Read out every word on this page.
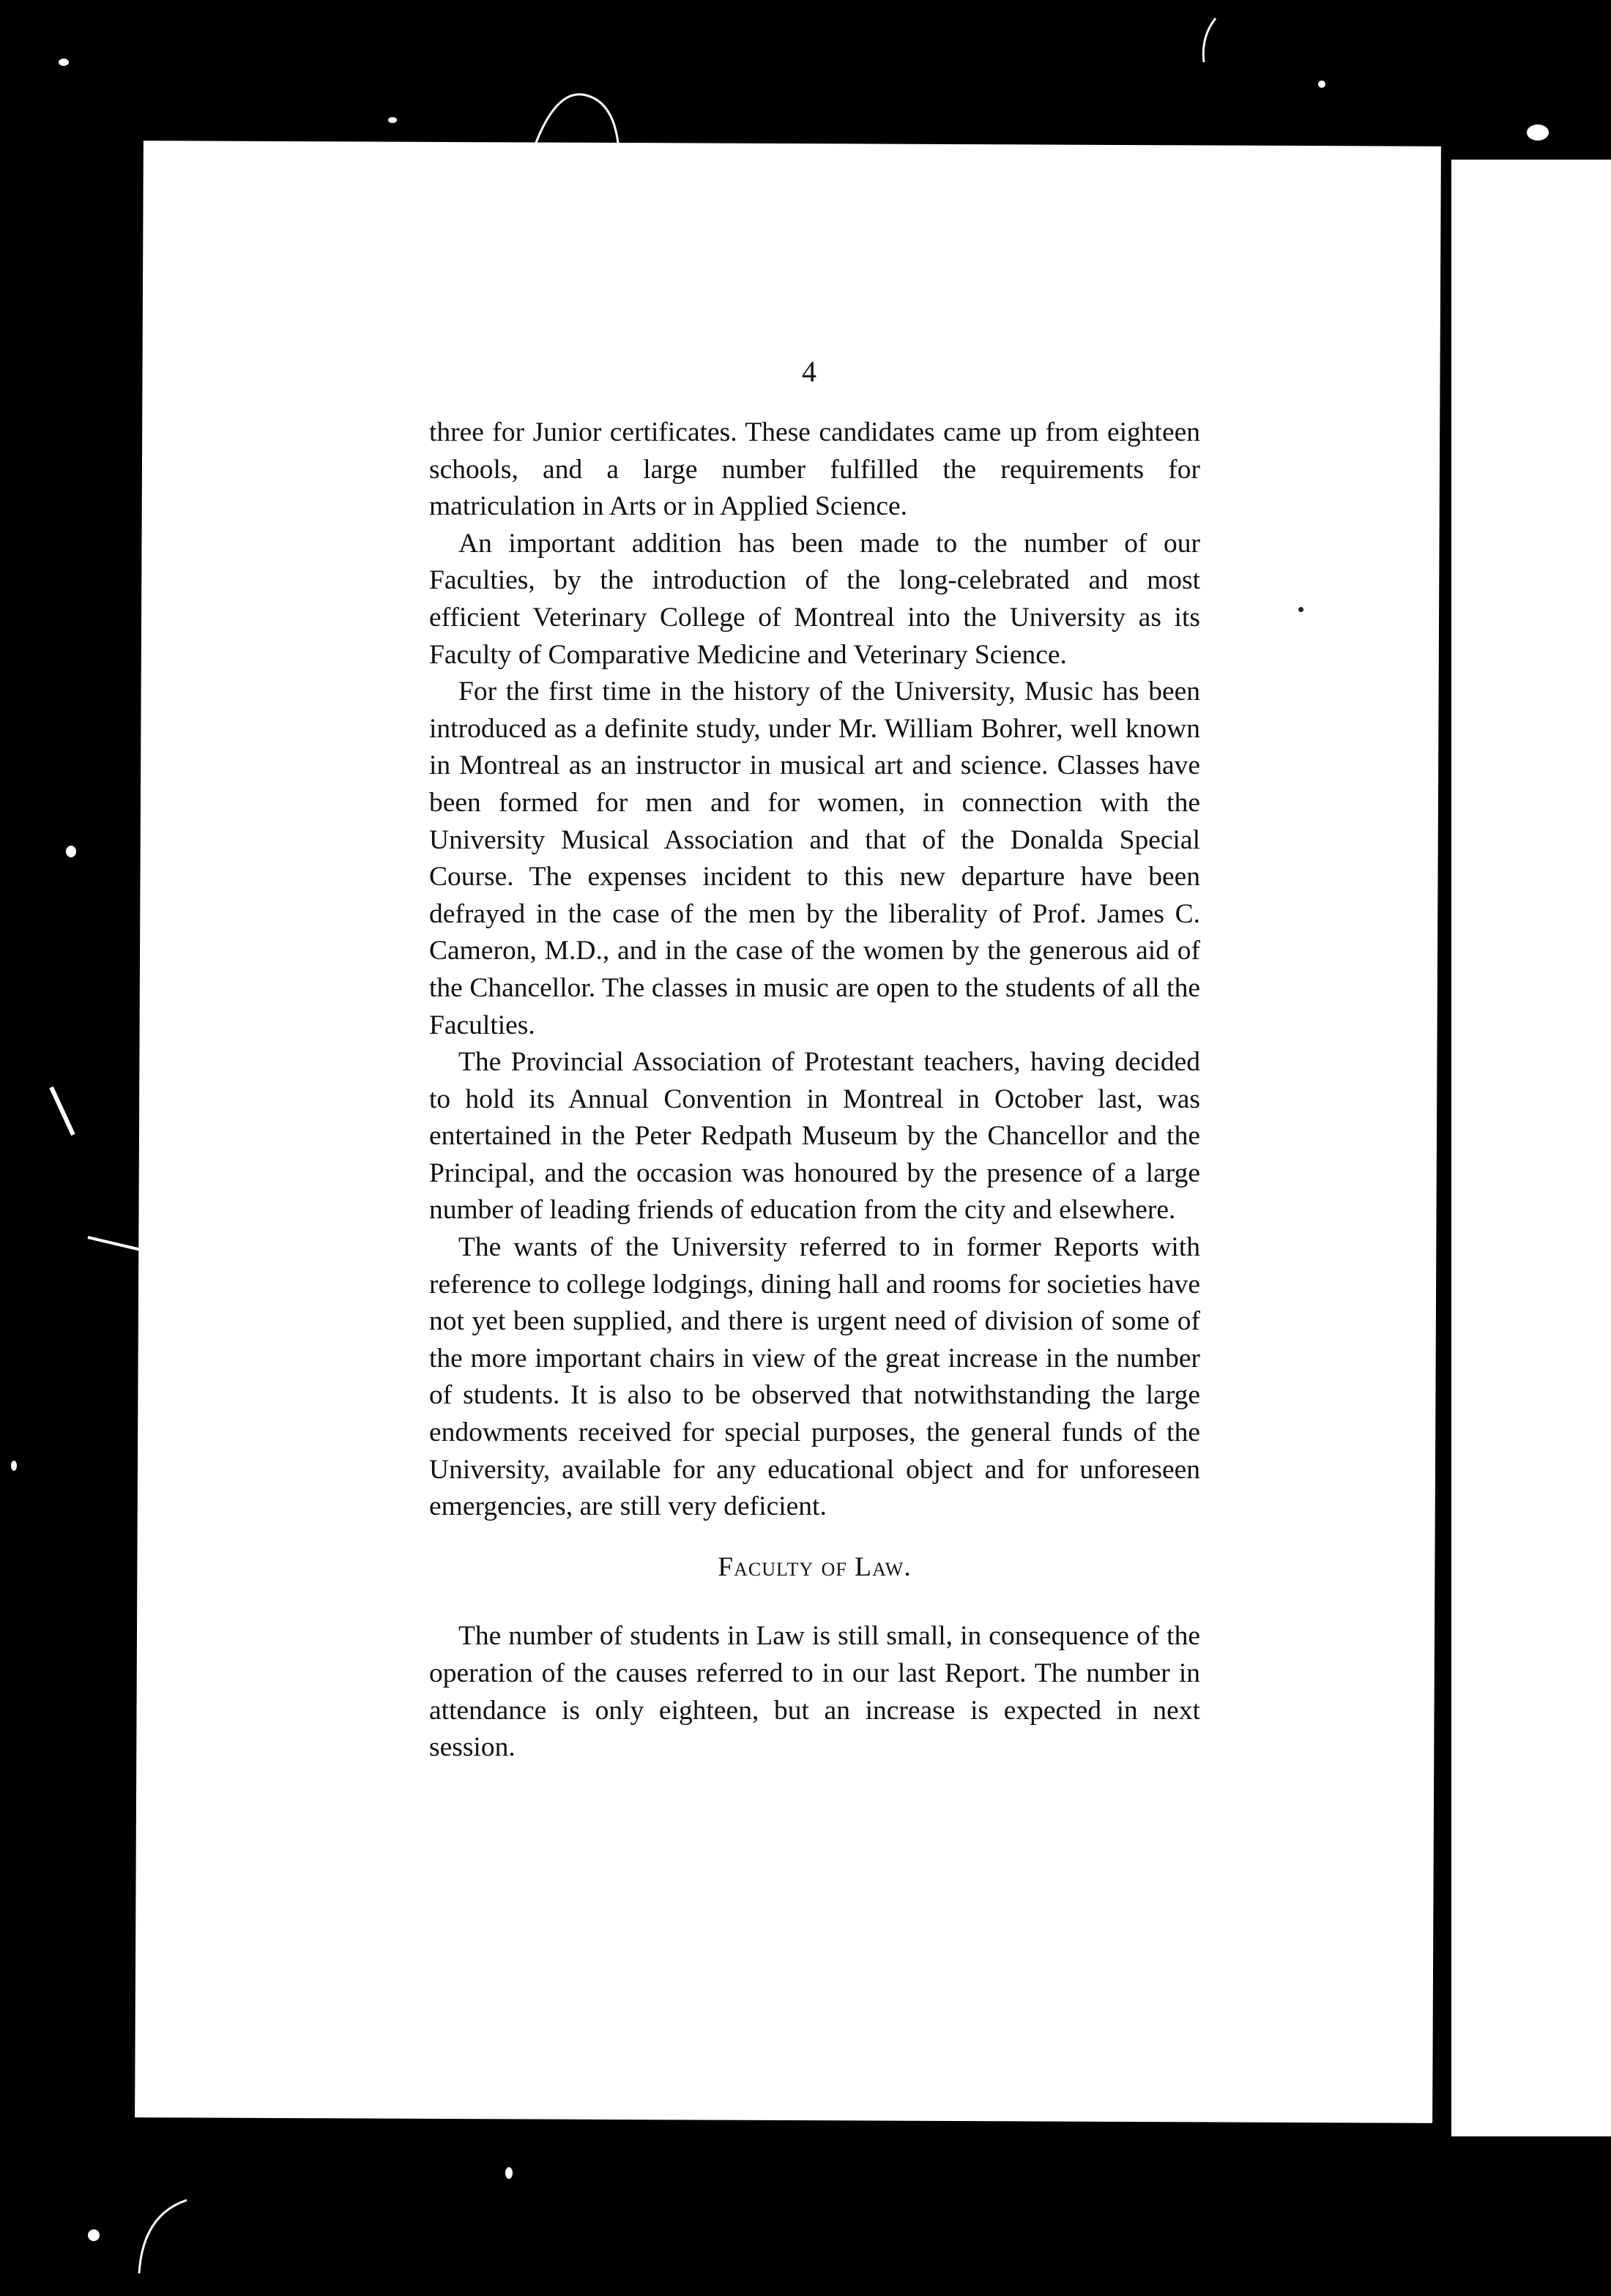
4

three for Junior certificates. These candidates came up from eighteen schools, and a large number fulfilled the requirements for matriculation in Arts or in Applied Science.

An important addition has been made to the number of our Faculties, by the introduction of the long-celebrated and most efficient Veterinary College of Montreal into the University as its Faculty of Comparative Medicine and Veterinary Science.

For the first time in the history of the University, Music has been introduced as a definite study, under Mr. William Bohrer, well known in Montreal as an instructor in musical art and science. Classes have been formed for men and for women, in connection with the University Musical Association and that of the Donalda Special Course. The expenses incident to this new departure have been defrayed in the case of the men by the liberality of Prof. James C. Cameron, M.D., and in the case of the women by the generous aid of the Chancellor. The classes in music are open to the students of all the Faculties.

The Provincial Association of Protestant teachers, having decided to hold its Annual Convention in Montreal in October last, was entertained in the Peter Redpath Museum by the Chancellor and the Principal, and the occasion was honoured by the presence of a large number of leading friends of education from the city and elsewhere.

The wants of the University referred to in former Reports with reference to college lodgings, dining hall and rooms for societies have not yet been supplied, and there is urgent need of division of some of the more important chairs in view of the great increase in the number of students. It is also to be observed that notwithstanding the large endowments received for special purposes, the general funds of the University, available for any educational object and for unforeseen emergencies, are still very deficient.

Faculty of Law.

The number of students in Law is still small, in consequence of the operation of the causes referred to in our last Report. The number in attendance is only eighteen, but an increase is expected in next session.
